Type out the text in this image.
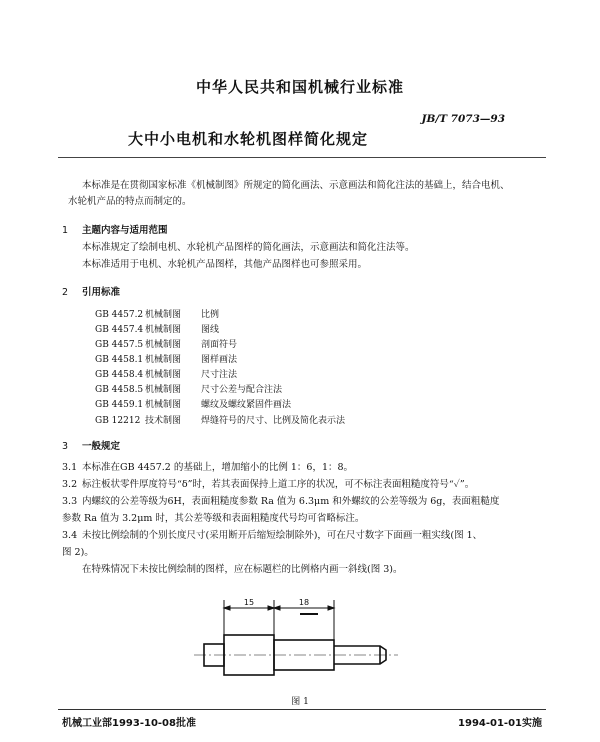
中华人民共和国机械行业标准
JB/T 7073—93
大中小电机和水轮机图样简化规定
本标准是在贯彻国家标准《机械制图》所规定的简化画法、示意画法和简化注法的基础上，结合电机、
水轮机产品的特点而制定的。
1 主题内容与适用范围
本标准规定了绘制电机、水轮机产品图样的简化画法，示意画法和简化注法等。
本标准适用于电机、水轮机产品图样，其他产品图样也可参照采用。
2 引用标准
GB 4457.2 机械制图 比例
GB 4457.4 机械制图 图线
GB 4457.5 机械制图 剖面符号
GB 4458.1 机械制图 图样画法
GB 4458.4 机械制图 尺寸注法
GB 4458.5 机械制图 尺寸公差与配合注法
GB 4459.1 机械制图 螺纹及螺纹紧固件画法
GB 12212 技术制图 焊缝符号的尺寸、比例及简化表示法
3 一般规定
3.1 本标准在GB 4457.2 的基础上，增加缩小的比例 1：6，1：8。
3.2 标注板状零件厚度符号“δ”时，若其表面保持上道工序的状况，可不标注表面粗糙度符号“✓”。
3.3 内螺纹的公差等级为6H，表面粗糙度参数 Ra 值为 6.3μm 和外螺纹的公差等级为 6g，表面粗糙度
参数 Ra 值为 3.2μm 时，其公差等级和表面粗糙度代号均可省略标注。
3.4 未按比例绘制的个别长度尺寸(采用断开后缩短绘制除外)，可在尺寸数字下面画一粗实线(图 1、
图 2)。
在特殊情况下未按比例绘制的图样，应在标题栏的比例格内画一斜线(图 3)。
15	18
图 1
机械工业部1993-10-08批准	1994-01-01实施
